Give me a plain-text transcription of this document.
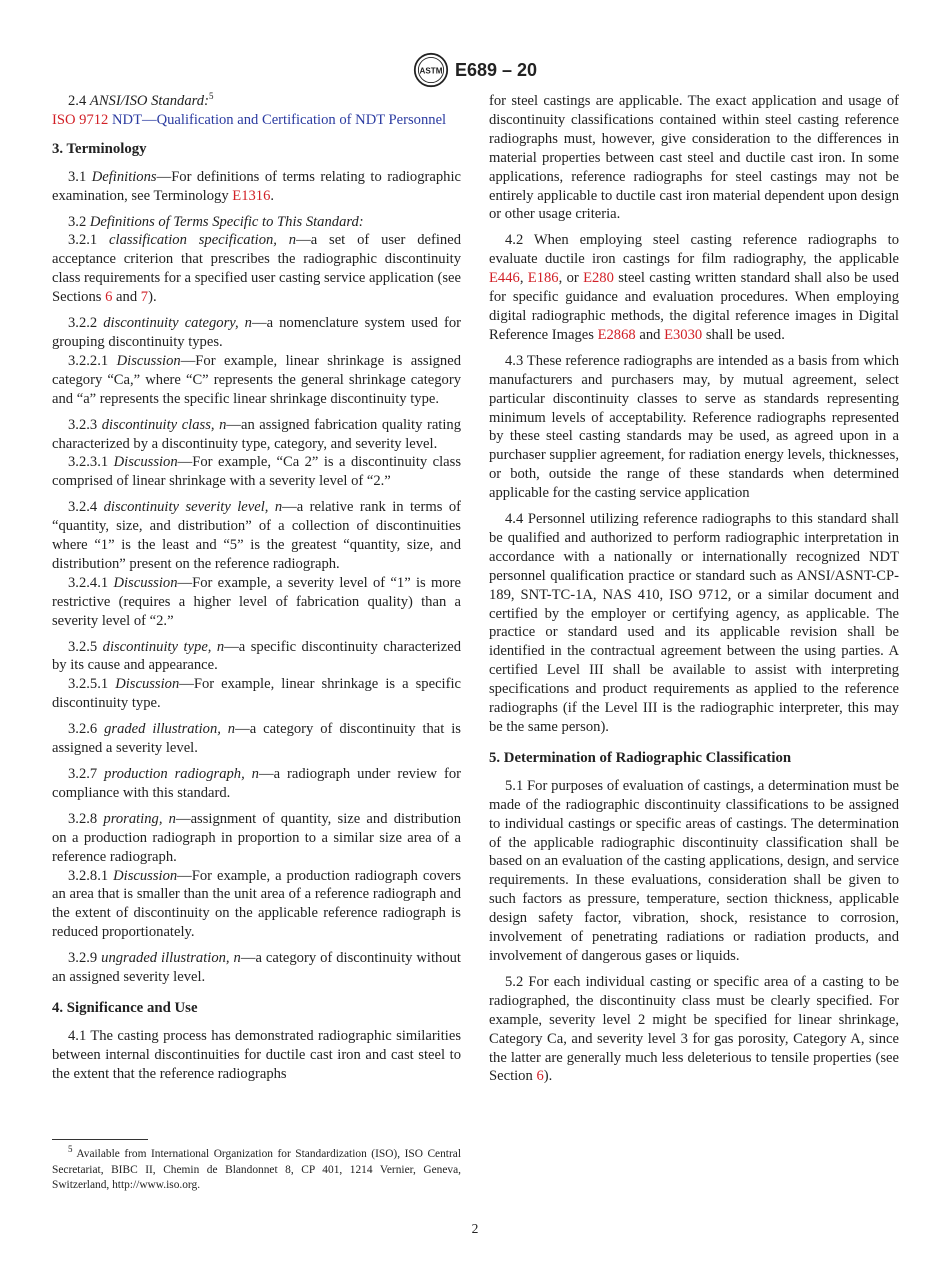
ASTM E689 – 20

2.4 ANSI/ISO Standard:$^5$

ISO 9712 NDT—Qualification and Certification of NDT Personnel

3. Terminology

3.1 Definitions—For definitions of terms relating to radiographic examination, see Terminology E1316.

3.2 Definitions of Terms Specific to This Standard:

3.2.1 classification specification, n—a set of user defined acceptance criterion that prescribes the radiographic discontinuity class requirements for a specified user casting service application (see Sections 6 and 7).

3.2.2 discontinuity category, n—a nomenclature system used for grouping discontinuity types.

3.2.2.1 Discussion—For example, linear shrinkage is assigned category “Ca,” where “C” represents the general shrinkage category and “a” represents the specific linear shrinkage discontinuity type.

3.2.3 discontinuity class, n—an assigned fabrication quality rating characterized by a discontinuity type, category, and severity level.

3.2.3.1 Discussion—For example, “Ca 2” is a discontinuity class comprised of linear shrinkage with a severity level of “2.”

3.2.4 discontinuity severity level, n—a relative rank in terms of “quantity, size, and distribution” of a collection of discontinuities where “1” is the least and “5” is the greatest “quantity, size, and distribution” present on the reference radiograph.

3.2.4.1 Discussion—For example, a severity level of “1” is more restrictive (requires a higher level of fabrication quality) than a severity level of “2.”

3.2.5 discontinuity type, n—a specific discontinuity characterized by its cause and appearance.

3.2.5.1 Discussion—For example, linear shrinkage is a specific discontinuity type.

3.2.6 graded illustration, n—a category of discontinuity that is assigned a severity level.

3.2.7 production radiograph, n—a radiograph under review for compliance with this standard.

3.2.8 prorating, n—assignment of quantity, size and distribution on a production radiograph in proportion to a similar size area of a reference radiograph.

3.2.8.1 Discussion—For example, a production radiograph covers an area that is smaller than the unit area of a reference radiograph and the extent of discontinuity on the applicable reference radiograph is reduced proportionately.

3.2.9 ungraded illustration, n—a category of discontinuity without an assigned severity level.

4. Significance and Use

4.1 The casting process has demonstrated radiographic similarities between internal discontinuities for ductile cast iron and cast steel to the extent that the reference radiographs

for steel castings are applicable. The exact application and usage of discontinuity classifications contained within steel casting reference radiographs must, however, give consideration to the differences in material properties between cast steel and ductile cast iron. In some applications, reference radiographs for steel castings may not be entirely applicable to ductile cast iron material dependent upon design or other usage criteria.

4.2 When employing steel casting reference radiographs to evaluate ductile iron castings for film radiography, the applicable E446, E186, or E280 steel casting written standard shall also be used for specific guidance and evaluation procedures. When employing digital radiographic methods, the digital reference images in Digital Reference Images E2868 and E3030 shall be used.

4.3 These reference radiographs are intended as a basis from which manufacturers and purchasers may, by mutual agreement, select particular discontinuity classes to serve as standards representing minimum levels of acceptability. Reference radiographs represented by these steel casting standards may be used, as agreed upon in a purchaser supplier agreement, for radiation energy levels, thicknesses, or both, outside the range of these standards when determined applicable for the casting service application

4.4 Personnel utilizing reference radiographs to this standard shall be qualified and authorized to perform radiographic interpretation in accordance with a nationally or internationally recognized NDT personnel qualification practice or standard such as ANSI/ASNT-CP-189, SNT-TC-1A, NAS 410, ISO 9712, or a similar document and certified by the employer or certifying agency, as applicable. The practice or standard used and its applicable revision shall be identified in the contractual agreement between the using parties. A certified Level III shall be available to assist with interpreting specifications and product requirements as applied to the reference radiographs (if the Level III is the radiographic interpreter, this may be the same person).

5. Determination of Radiographic Classification

5.1 For purposes of evaluation of castings, a determination must be made of the radiographic discontinuity classifications to be assigned to individual castings or specific areas of castings. The determination of the applicable radiographic discontinuity classification shall be based on an evaluation of the casting applications, design, and service requirements. In these evaluations, consideration shall be given to such factors as pressure, temperature, section thickness, applicable design safety factor, vibration, shock, resistance to corrosion, involvement of penetrating radiations or radiation products, and involvement of dangerous gases or liquids.

5.2 For each individual casting or specific area of a casting to be radiographed, the discontinuity class must be clearly specified. For example, severity level 2 might be specified for linear shrinkage, Category Ca, and severity level 3 for gas porosity, Category A, since the latter are generally much less deleterious to tensile properties (see Section 6).

$^5$ Available from International Organization for Standardization (ISO), ISO Central Secretariat, BIBC II, Chemin de Blandonnet 8, CP 401, 1214 Vernier, Geneva, Switzerland, http://www.iso.org.
2
